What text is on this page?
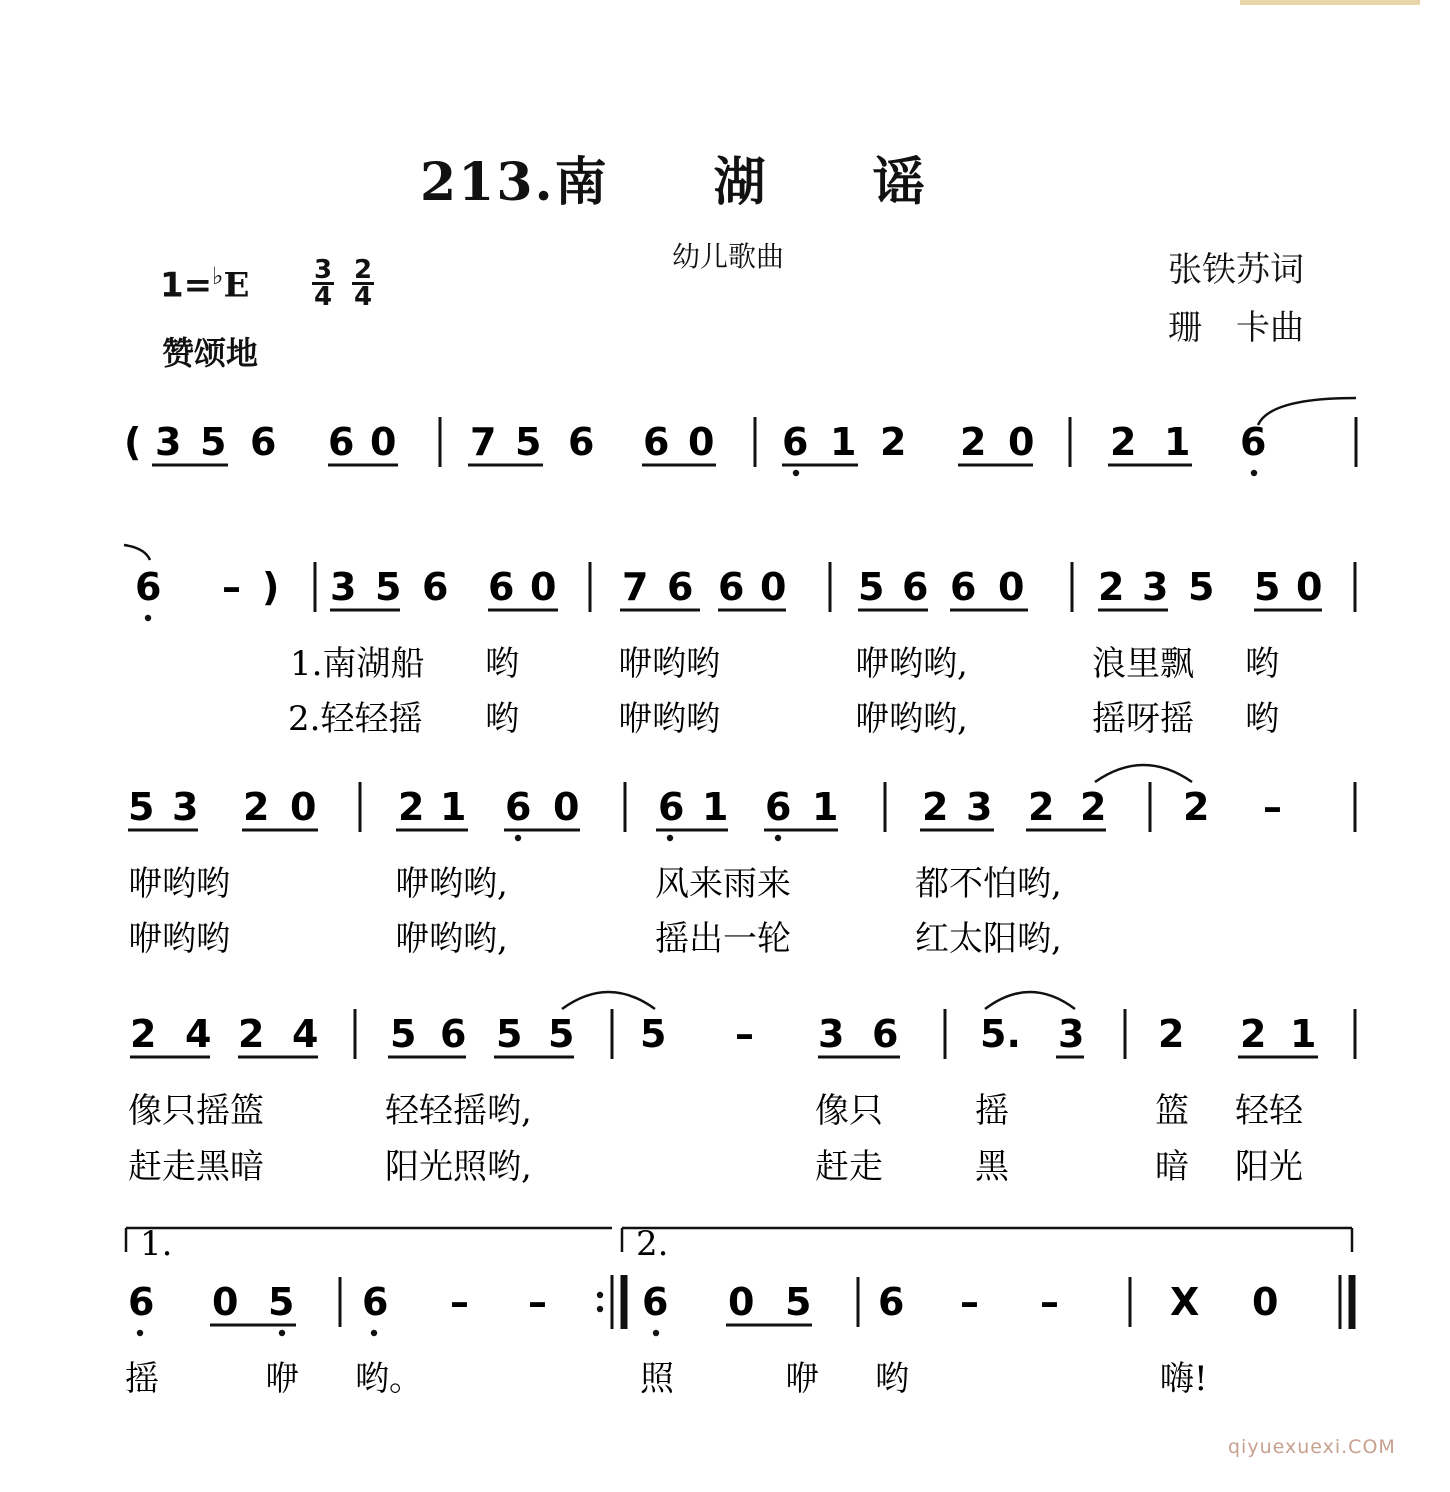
213.南 湖 谣
幼儿歌曲	张铁苏词
珊　卡曲
$1=^♭E \frac{3}{4} \frac{2}{4}$
赞颂地
( 3 5 6 6 0 7 5 6 6 0 6 1 2 2 0 2 1 6
6 – ) 3 5 6 6 0 7 6 6 0 5 6 6 0 2 3 5 5 0
1.南湖船 哟	咿哟哟	咿哟哟,	浪里飘 哟
2.轻轻摇 哟	咿哟哟	咿哟哟,	摇呀摇 哟
5 3 2 0 2 1 6 0 6 1 6 1 2 3 2 2 2 –
咿哟哟	咿哟哟,	风来雨来	都不怕哟,
咿哟哟	咿哟哟,	摇出一轮	红太阳哟,
2 4 2 4 5 6 5 5 5 – 3 6 5. 3 2 2 1
像只摇篮	轻轻摇哟,	像只	摇	篮 轻轻
赶走黑暗	阳光照哟,	赶走	黑	暗 阳光
1.	2.
6 0 5 6 – –	6 0 5 6 – –	X 0
摇	咿 哟。	照	咿 哟	嗨!
qiyuexuexi.COM
